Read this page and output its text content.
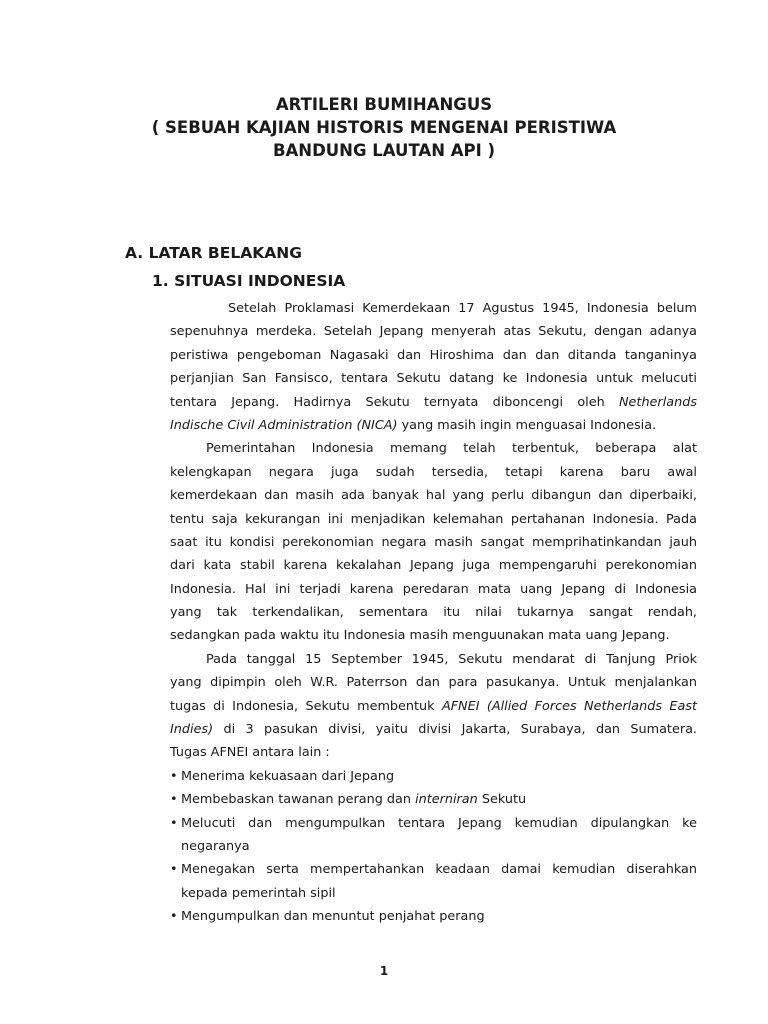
ARTILERI BUMIHANGUS
( SEBUAH KAJIAN HISTORIS MENGENAI PERISTIWA
BANDUNG LAUTAN API )
A. LATAR BELAKANG
1. SITUASI INDONESIA
Setelah Proklamasi Kemerdekaan 17 Agustus 1945, Indonesia belum
sepenuhnya merdeka. Setelah Jepang menyerah atas Sekutu, dengan adanya
peristiwa pengeboman Nagasaki dan Hiroshima dan dan ditanda tanganinya
perjanjian San Fansisco, tentara Sekutu datang ke Indonesia untuk melucuti
tentara Jepang. Hadirnya Sekutu ternyata diboncengi oleh Netherlands
Indische Civil Administration (NICA) yang masih ingin menguasai Indonesia.
Pemerintahan Indonesia memang telah terbentuk, beberapa alat
kelengkapan negara juga sudah tersedia, tetapi karena baru awal
kemerdekaan dan masih ada banyak hal yang perlu dibangun dan diperbaiki,
tentu saja kekurangan ini menjadikan kelemahan pertahanan Indonesia. Pada
saat itu kondisi perekonomian negara masih sangat memprihatinkandan jauh
dari kata stabil karena kekalahan Jepang juga mempengaruhi perekonomian
Indonesia. Hal ini terjadi karena peredaran mata uang Jepang di Indonesia
yang tak terkendalikan, sementara itu nilai tukarnya sangat rendah,
sedangkan pada waktu itu Indonesia masih menguunakan mata uang Jepang.
Pada tanggal 15 September 1945, Sekutu mendarat di Tanjung Priok
yang dipimpin oleh W.R. Paterrson dan para pasukanya. Untuk menjalankan
tugas di Indonesia, Sekutu membentuk AFNEI (Allied Forces Netherlands East
Indies) di 3 pasukan divisi, yaitu divisi Jakarta, Surabaya, dan Sumatera.
Tugas AFNEI antara lain :
• Menerima kekuasaan dari Jepang
• Membebaskan tawanan perang dan interniran Sekutu
• Melucuti dan mengumpulkan tentara Jepang kemudian dipulangkan ke
negaranya
• Menegakan serta mempertahankan keadaan damai kemudian diserahkan
kepada pemerintah sipil
• Mengumpulkan dan menuntut penjahat perang
1
